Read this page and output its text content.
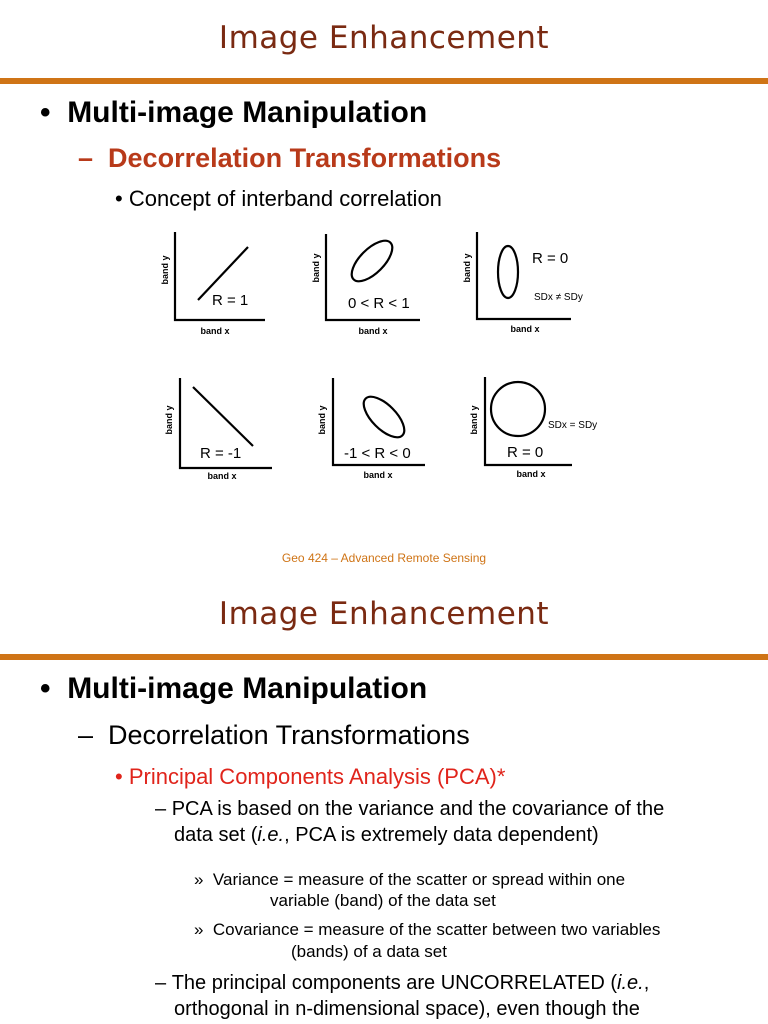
Image Enhancement
•  Multi-image Manipulation
– Decorrelation Transformations
• Concept of interband correlation
band y
band x
R = 1
band y
band x
0 < R < 1
band y
band x
R = 0
SDx ≠ SDy
band y
band x
R = -1
band y
band x
-1 < R < 0
band y
band x
R = 0
SDx = SDy
Geo 424 – Advanced Remote Sensing
Image Enhancement
•  Multi-image Manipulation
– Decorrelation Transformations
• Principal Components Analysis (PCA)*
– PCA is based on the variance and the covariance of the
data set (i.e., PCA is extremely data dependent)
»  Variance = measure of the scatter or spread within one
variable (band) of the data set
»  Covariance = measure of the scatter between two variables
(bands) of a data set
– The principal components are UNCORRELATED (i.e.,
orthogonal in n-dimensional space), even though the
